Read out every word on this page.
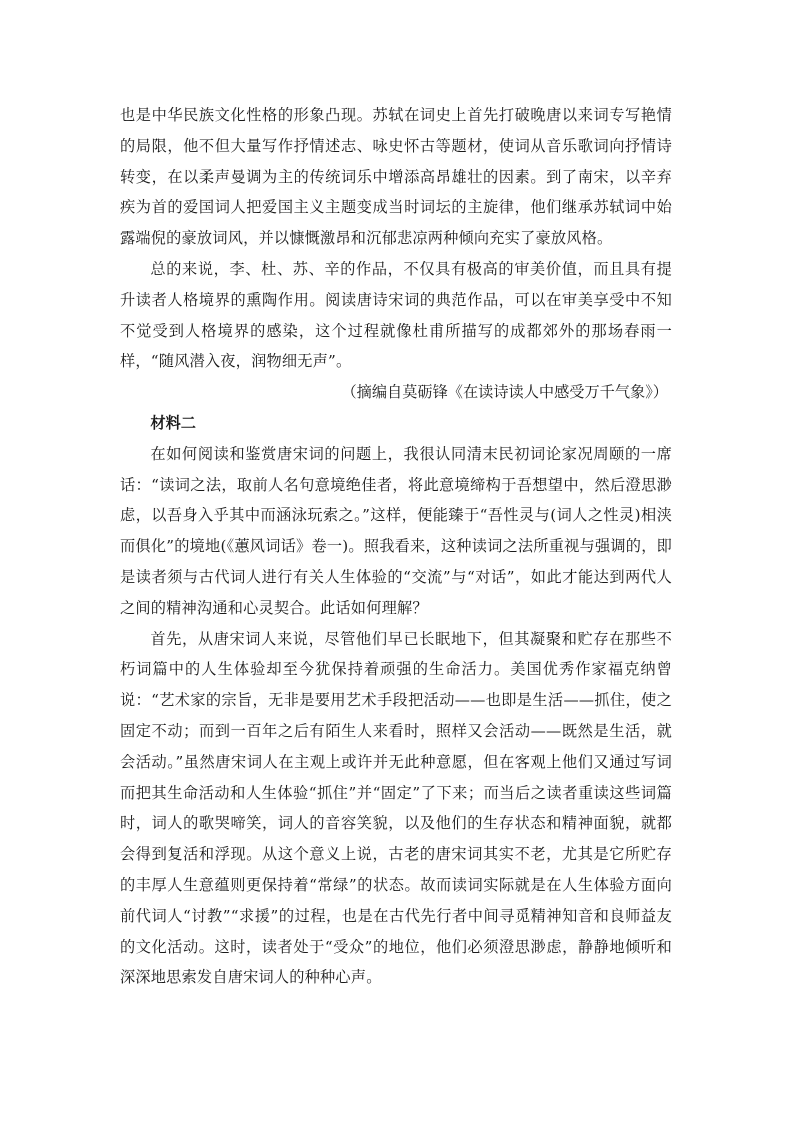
也是中华民族文化性格的形象凸现。苏轼在词史上首先打破晚唐以来词专写艳情的局限，他不但大量写作抒情述志、咏史怀古等题材，使词从音乐歌词向抒情诗转变，在以柔声曼调为主的传统词乐中增添高昂雄壮的因素。到了南宋，以辛弃疾为首的爱国词人把爱国主义主题变成当时词坛的主旋律，他们继承苏轼词中始露端倪的豪放词风，并以慷慨激昂和沉郁悲凉两种倾向充实了豪放风格。

总的来说，李、杜、苏、辛的作品，不仅具有极高的审美价值，而且具有提升读者人格境界的熏陶作用。阅读唐诗宋词的典范作品，可以在审美享受中不知不觉受到人格境界的感染，这个过程就像杜甫所描写的成都郊外的那场春雨一样，“随风潜入夜，润物细无声”。

（摘编自莫砺锋《在读诗读人中感受万千气象》）

材料二

在如何阅读和鉴赏唐宋词的问题上，我很认同清末民初词论家况周颐的一席话：“读词之法，取前人名句意境绝佳者，将此意境缔构于吾想望中，然后澄思渺虑，以吾身入乎其中而涵泳玩索之。”这样，便能臻于“吾性灵与(词人之性灵)相浃而俱化”的境地(《蕙风词话》卷一)。照我看来，这种读词之法所重视与强调的，即是读者须与古代词人进行有关人生体验的“交流”与“对话”，如此才能达到两代人之间的精神沟通和心灵契合。此话如何理解？

首先，从唐宋词人来说，尽管他们早已长眠地下，但其凝聚和贮存在那些不朽词篇中的人生体验却至今犹保持着顽强的生命活力。美国优秀作家福克纳曾说：“艺术家的宗旨，无非是要用艺术手段把活动——也即是生活——抓住，使之固定不动；而到一百年之后有陌生人来看时，照样又会活动——既然是生活，就会活动。”虽然唐宋词人在主观上或许并无此种意愿，但在客观上他们又通过写词而把其生命活动和人生体验“抓住”并“固定”了下来；而当后之读者重读这些词篇时，词人的歌哭啼笑，词人的音容笑貌，以及他们的生存状态和精神面貌，就都会得到复活和浮现。从这个意义上说，古老的唐宋词其实不老，尤其是它所贮存的丰厚人生意蕴则更保持着“常绿”的状态。故而读词实际就是在人生体验方面向前代词人“讨教”“求援”的过程，也是在古代先行者中间寻觅精神知音和良师益友的文化活动。这时，读者处于“受众”的地位，他们必须澄思渺虑，静静地倾听和深深地思索发自唐宋词人的种种心声。
